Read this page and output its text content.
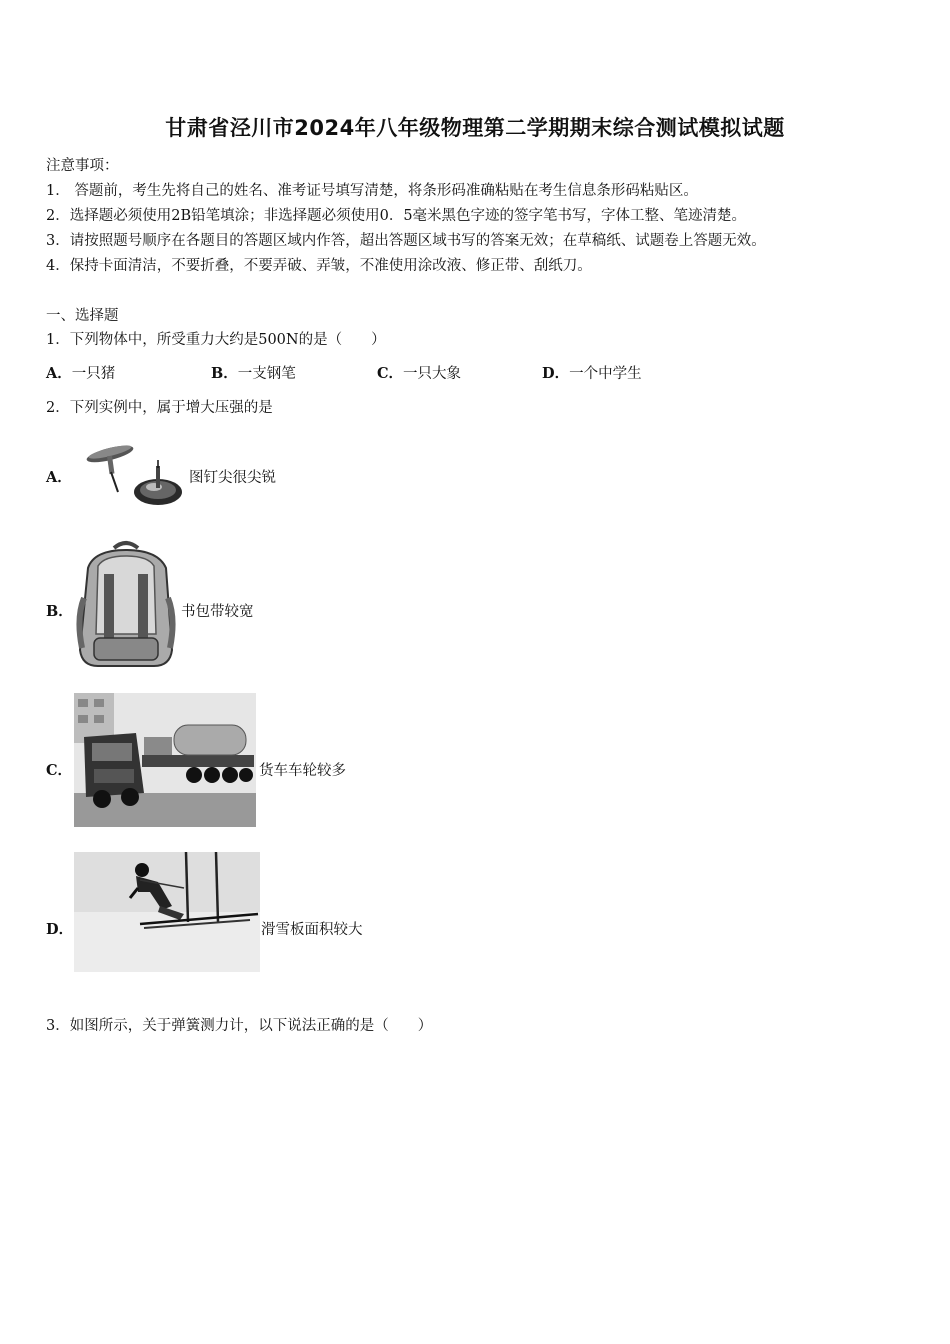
甘肃省泾川市2024年八年级物理第二学期期末综合测试模拟试题
注意事项：
1． 答题前，考生先将自己的姓名、准考证号填写清楚，将条形码准确粘贴在考生信息条形码粘贴区。
2．选择题必须使用2B铅笔填涂；非选择题必须使用0．5毫米黑色字迹的签字笔书写，字体工整、笔迹清楚。
3．请按照题号顺序在各题目的答题区域内作答，超出答题区域书写的答案无效；在草稿纸、试题卷上答题无效。
4．保持卡面清洁，不要折叠，不要弄破、弄皱，不准使用涂改液、修正带、刮纸刀。
一、选择题
1．下列物体中，所受重力大约是500N的是（　　）
A．一只猪	B．一支钢笔	C．一只大象	D．一个中学生
2．下列实例中，属于增大压强的是
A．	图钉尖很尖锐
B．	书包带较宽
C．	货车车轮较多
D．	滑雪板面积较大
3．如图所示，关于弹簧测力计，以下说法正确的是（　　）
